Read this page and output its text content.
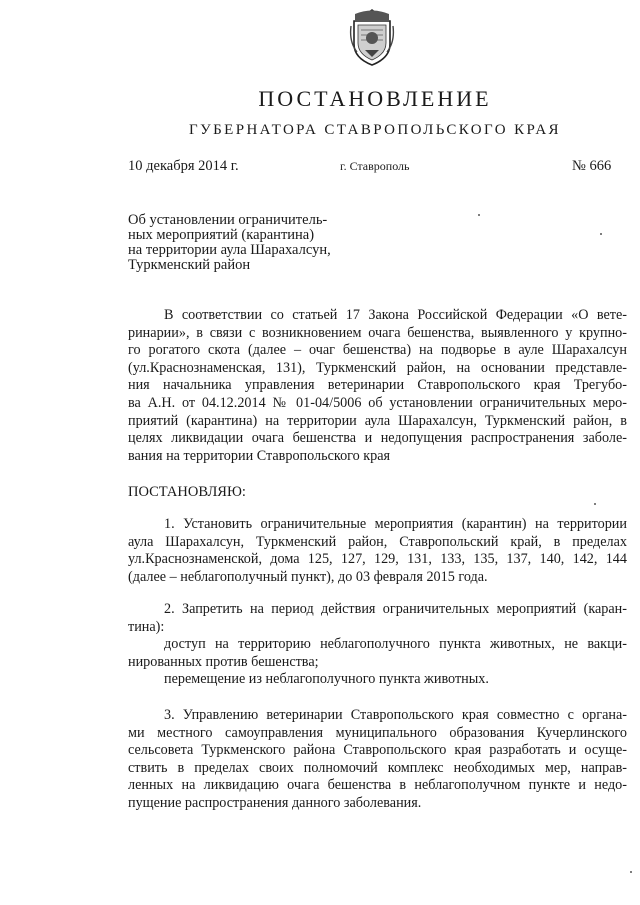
ПОСТАНОВЛЕНИЕ
ГУБЕРНАТОРА СТАВРОПОЛЬСКОГО КРАЯ
10 декабря 2014 г.	г. Ставрополь	№ 666
Об установлении ограничитель-
ных мероприятий (карантина)
на территории аула Шарахалсун,
Туркменский район
В соответствии со статьей 17 Закона Российской Федерации «О вете-
ринарии», в связи с возникновением очага бешенства, выявленного у крупно-
го рогатого скота (далее – очаг бешенства) на подворье в ауле Шарахалсун
(ул.Краснознаменская, 131), Туркменский район, на основании представле-
ния начальника управления ветеринарии Ставропольского края Трегубо-
ва А.Н. от 04.12.2014 № 01-04/5006 об установлении ограничительных меро-
приятий (карантина) на территории аула Шарахалсун, Туркменский район, в
целях ликвидации очага бешенства и недопущения распространения заболе-
вания на территории Ставропольского края
ПОСТАНОВЛЯЮ:
1. Установить ограничительные мероприятия (карантин) на территории
аула Шарахалсун, Туркменский район, Ставропольский край, в пределах
ул.Краснознаменской, дома 125, 127, 129, 131, 133, 135, 137, 140, 142, 144
(далее – неблагополучный пункт), до 03 февраля 2015 года.
2. Запретить на период действия ограничительных мероприятий (каран-
тина):
доступ на территорию неблагополучного пункта животных, не вакци-
нированных против бешенства;
перемещение из неблагополучного пункта животных.
3. Управлению ветеринарии Ставропольского края совместно с органа-
ми местного самоуправления муниципального образования Кучерлинского
сельсовета Туркменского района Ставропольского края разработать и осуще-
ствить в пределах своих полномочий комплекс необходимых мер, направ-
ленных на ликвидацию очага бешенства в неблагополучном пункте и недо-
пущение распространения данного заболевания.
